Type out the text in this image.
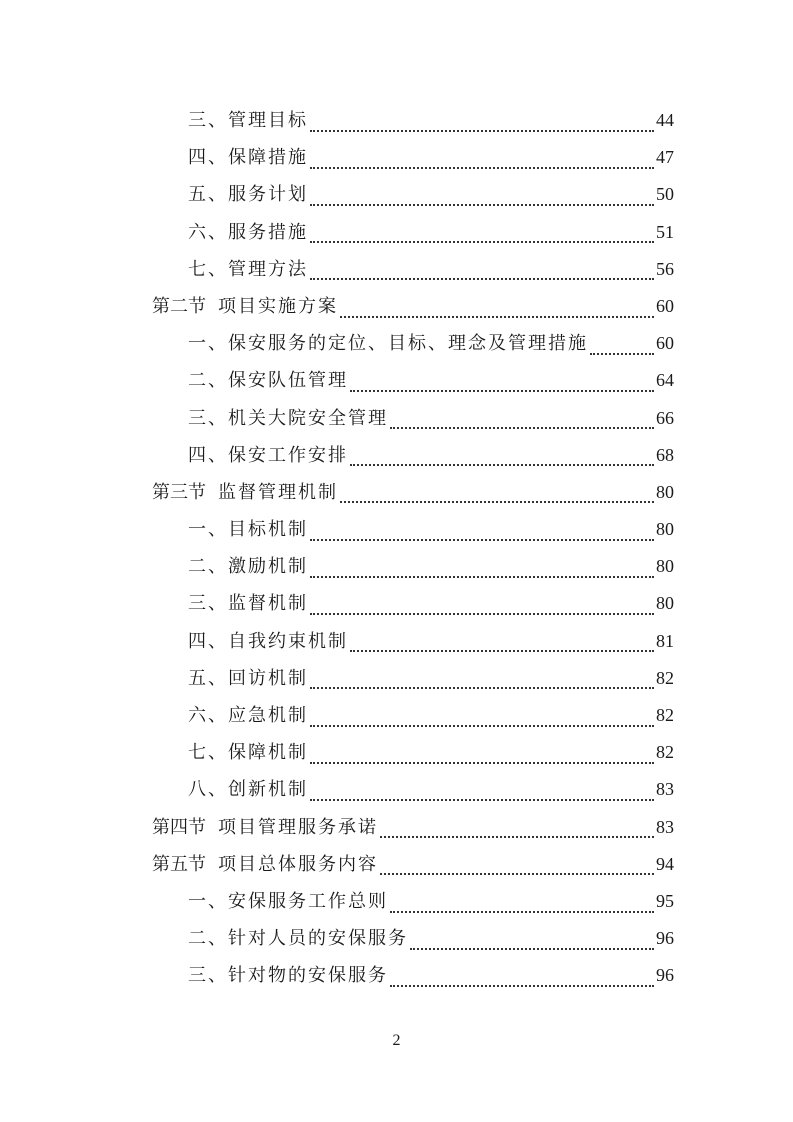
三、 管理目标	44
四、 保障措施	47
五、 服务计划	50
六、 服务措施	51
七、 管理方法	56
第二节 项目实施方案	60
一、 保安服务的定位、目标、理念及管理措施	60
二、 保安队伍管理	64
三、 机关大院安全管理	66
四、 保安工作安排	68
第三节 监督管理机制	80
一、 目标机制	80
二、 激励机制	80
三、 监督机制	80
四、 自我约束机制	81
五、 回访机制	82
六、 应急机制	82
七、 保障机制	82
八、 创新机制	83
第四节 项目管理服务承诺	83
第五节 项目总体服务内容	94
一、 安保服务工作总则	95
二、 针对人员的安保服务	96
三、 针对物的安保服务	96
2
